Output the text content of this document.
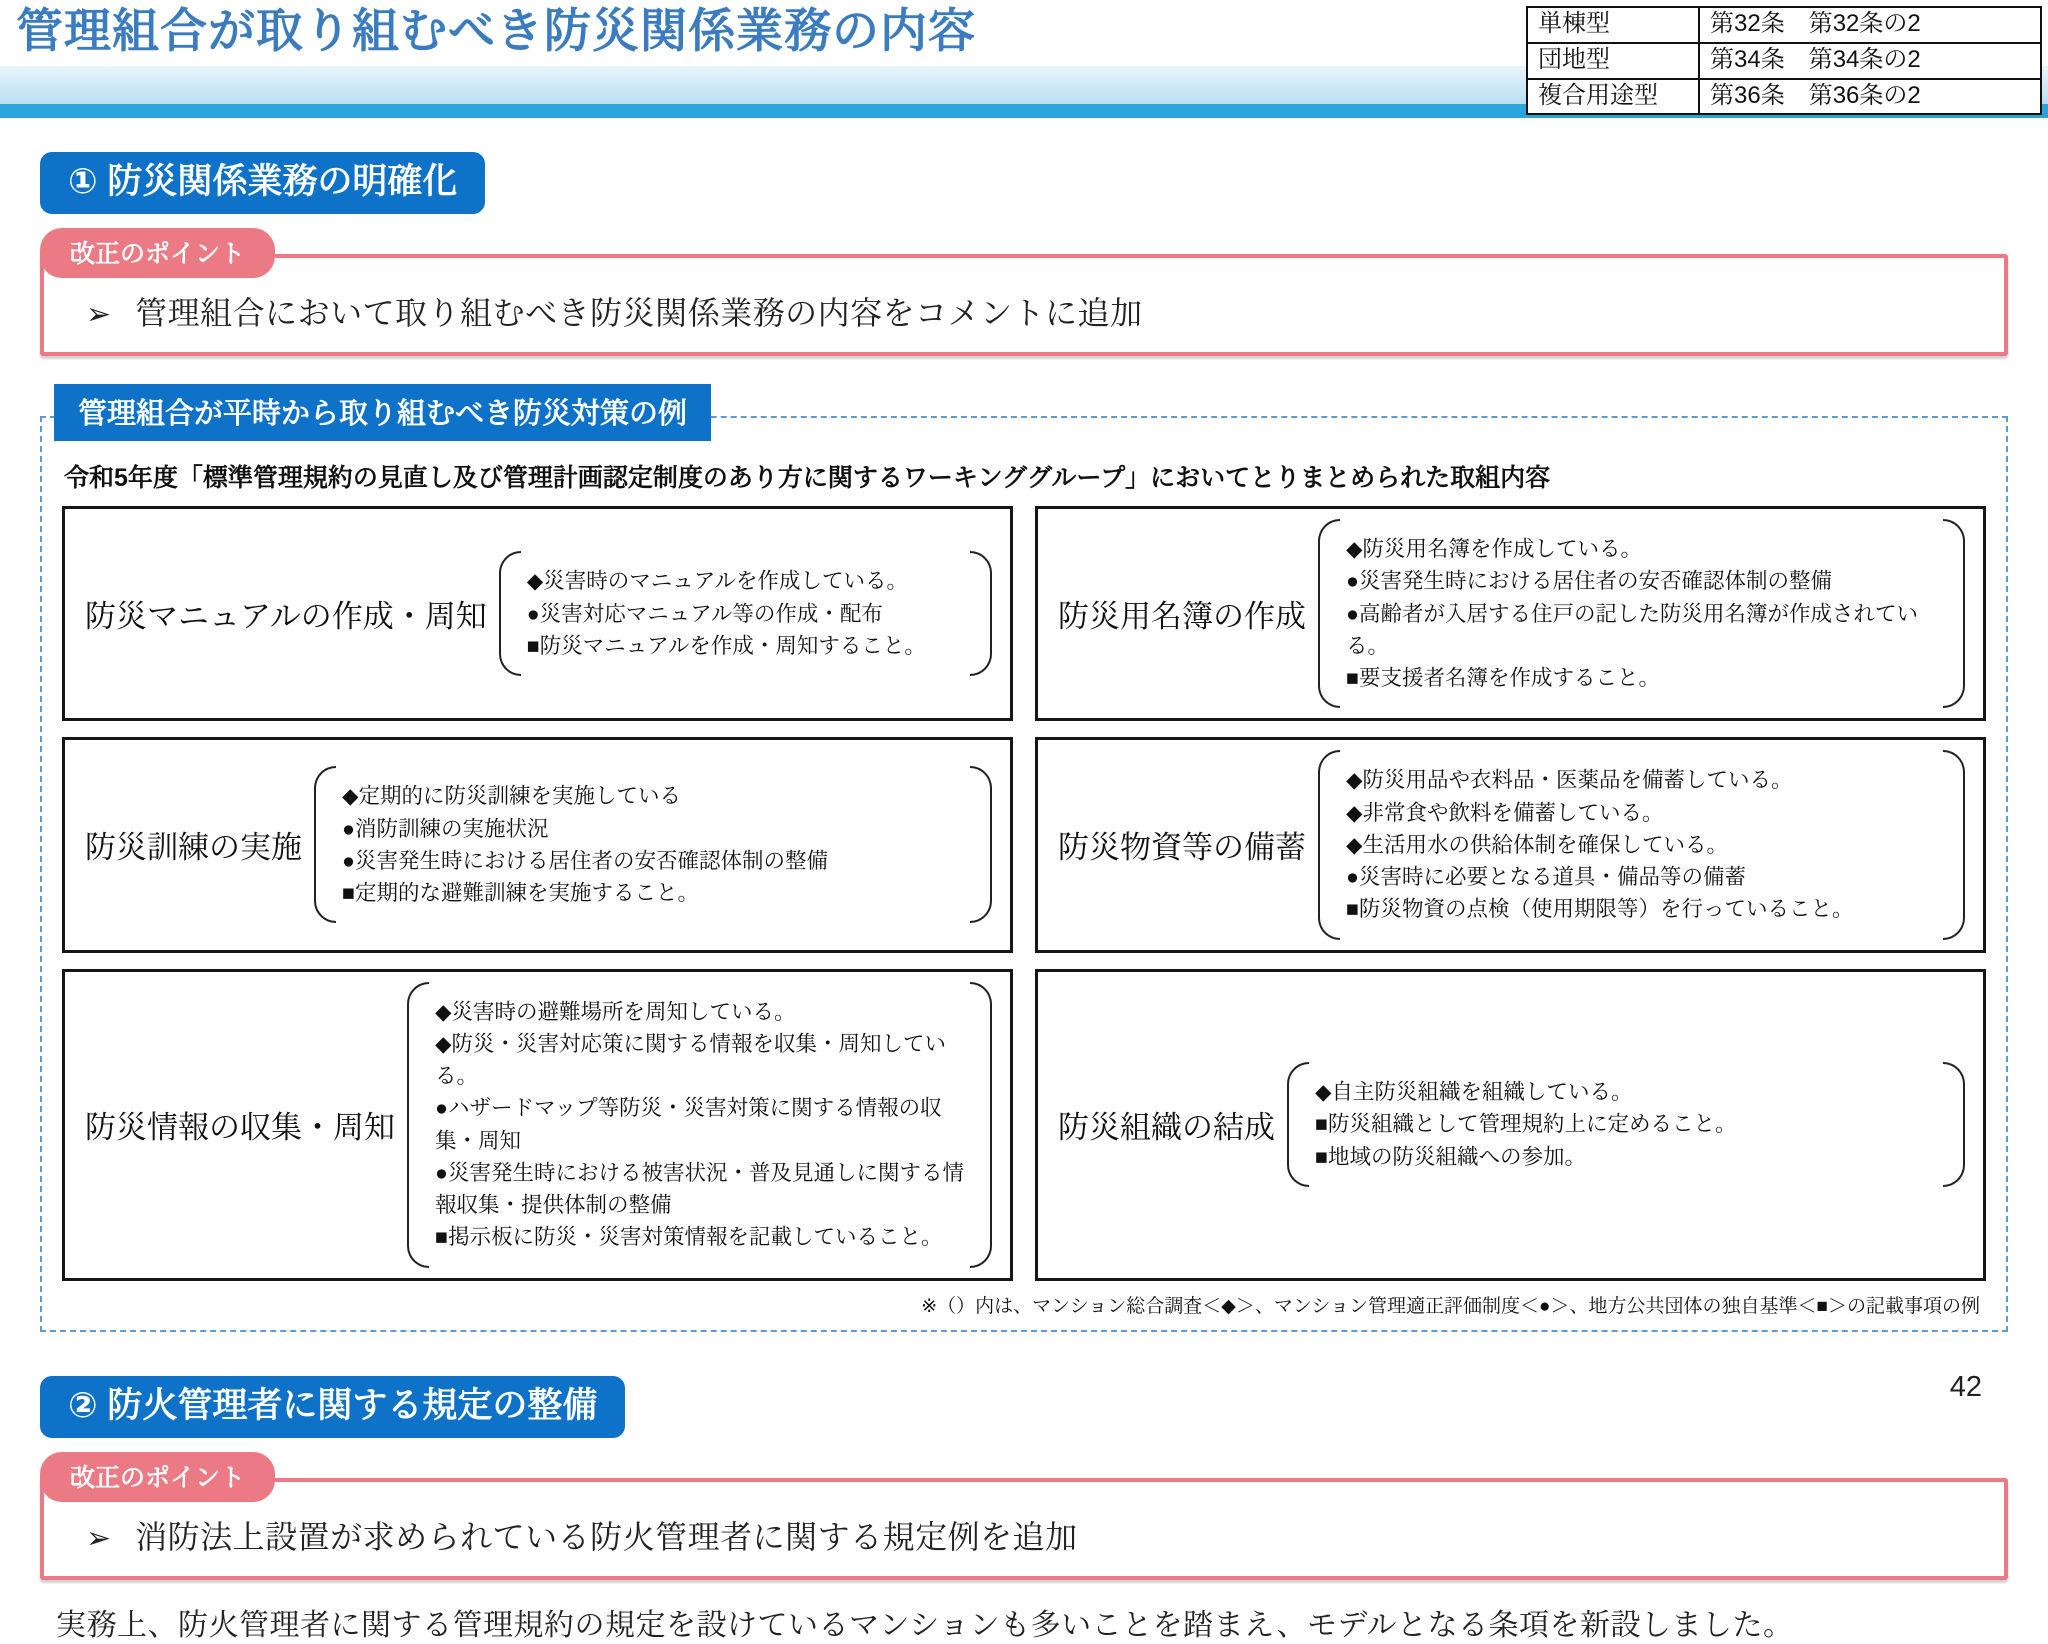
管理組合が取り組むべき防災関係業務の内容	単棟型	第32条　第32条の2
団地型	第34条　第34条の2
複合用途型	第36条　第36条の2
① 防災関係業務の明確化
改正のポイント
➢ 管理組合において取り組むべき防災関係業務の内容をコメントに追加
管理組合が平時から取り組むべき防災対策の例
令和5年度「標準管理規約の見直し及び管理計画認定制度のあり方に関するワーキンググループ」においてとりまとめられた取組内容
防災マニュアルの作成・周知
◆災害時のマニュアルを作成している。
●災害対応マニュアル等の作成・配布
■防災マニュアルを作成・周知すること。
防災用名簿の作成
◆防災用名簿を作成している。
●災害発生時における居住者の安否確認体制の整備
●高齢者が入居する住戸の記した防災用名簿が作成されている。
■要支援者名簿を作成すること。
防災訓練の実施
◆定期的に防災訓練を実施している
●消防訓練の実施状況
●災害発生時における居住者の安否確認体制の整備
■定期的な避難訓練を実施すること。
防災物資等の備蓄
◆防災用品や衣料品・医薬品を備蓄している。
◆非常食や飲料を備蓄している。
◆生活用水の供給体制を確保している。
●災害時に必要となる道具・備品等の備蓄
■防災物資の点検（使用期限等）を行っていること。
防災情報の収集・周知
◆災害時の避難場所を周知している。
◆防災・災害対応策に関する情報を収集・周知している。
●ハザードマップ等防災・災害対策に関する情報の収集・周知
●災害発生時における被害状況・普及見通しに関する情報収集・提供体制の整備
■掲示板に防災・災害対策情報を記載していること。
防災組織の結成
◆自主防災組織を組織している。
■防災組織として管理規約上に定めること。
■地域の防災組織への参加。
※（）内は、マンション総合調査＜◆＞、マンション管理適正評価制度＜●＞、地方公共団体の独自基準＜■＞の記載事項の例
② 防火管理者に関する規定の整備
改正のポイント
➢ 消防法上設置が求められている防火管理者に関する規定例を追加
実務上、防火管理者に関する管理規約の規定を設けているマンションも多いことを踏まえ、モデルとなる条項を新設しました。
42
